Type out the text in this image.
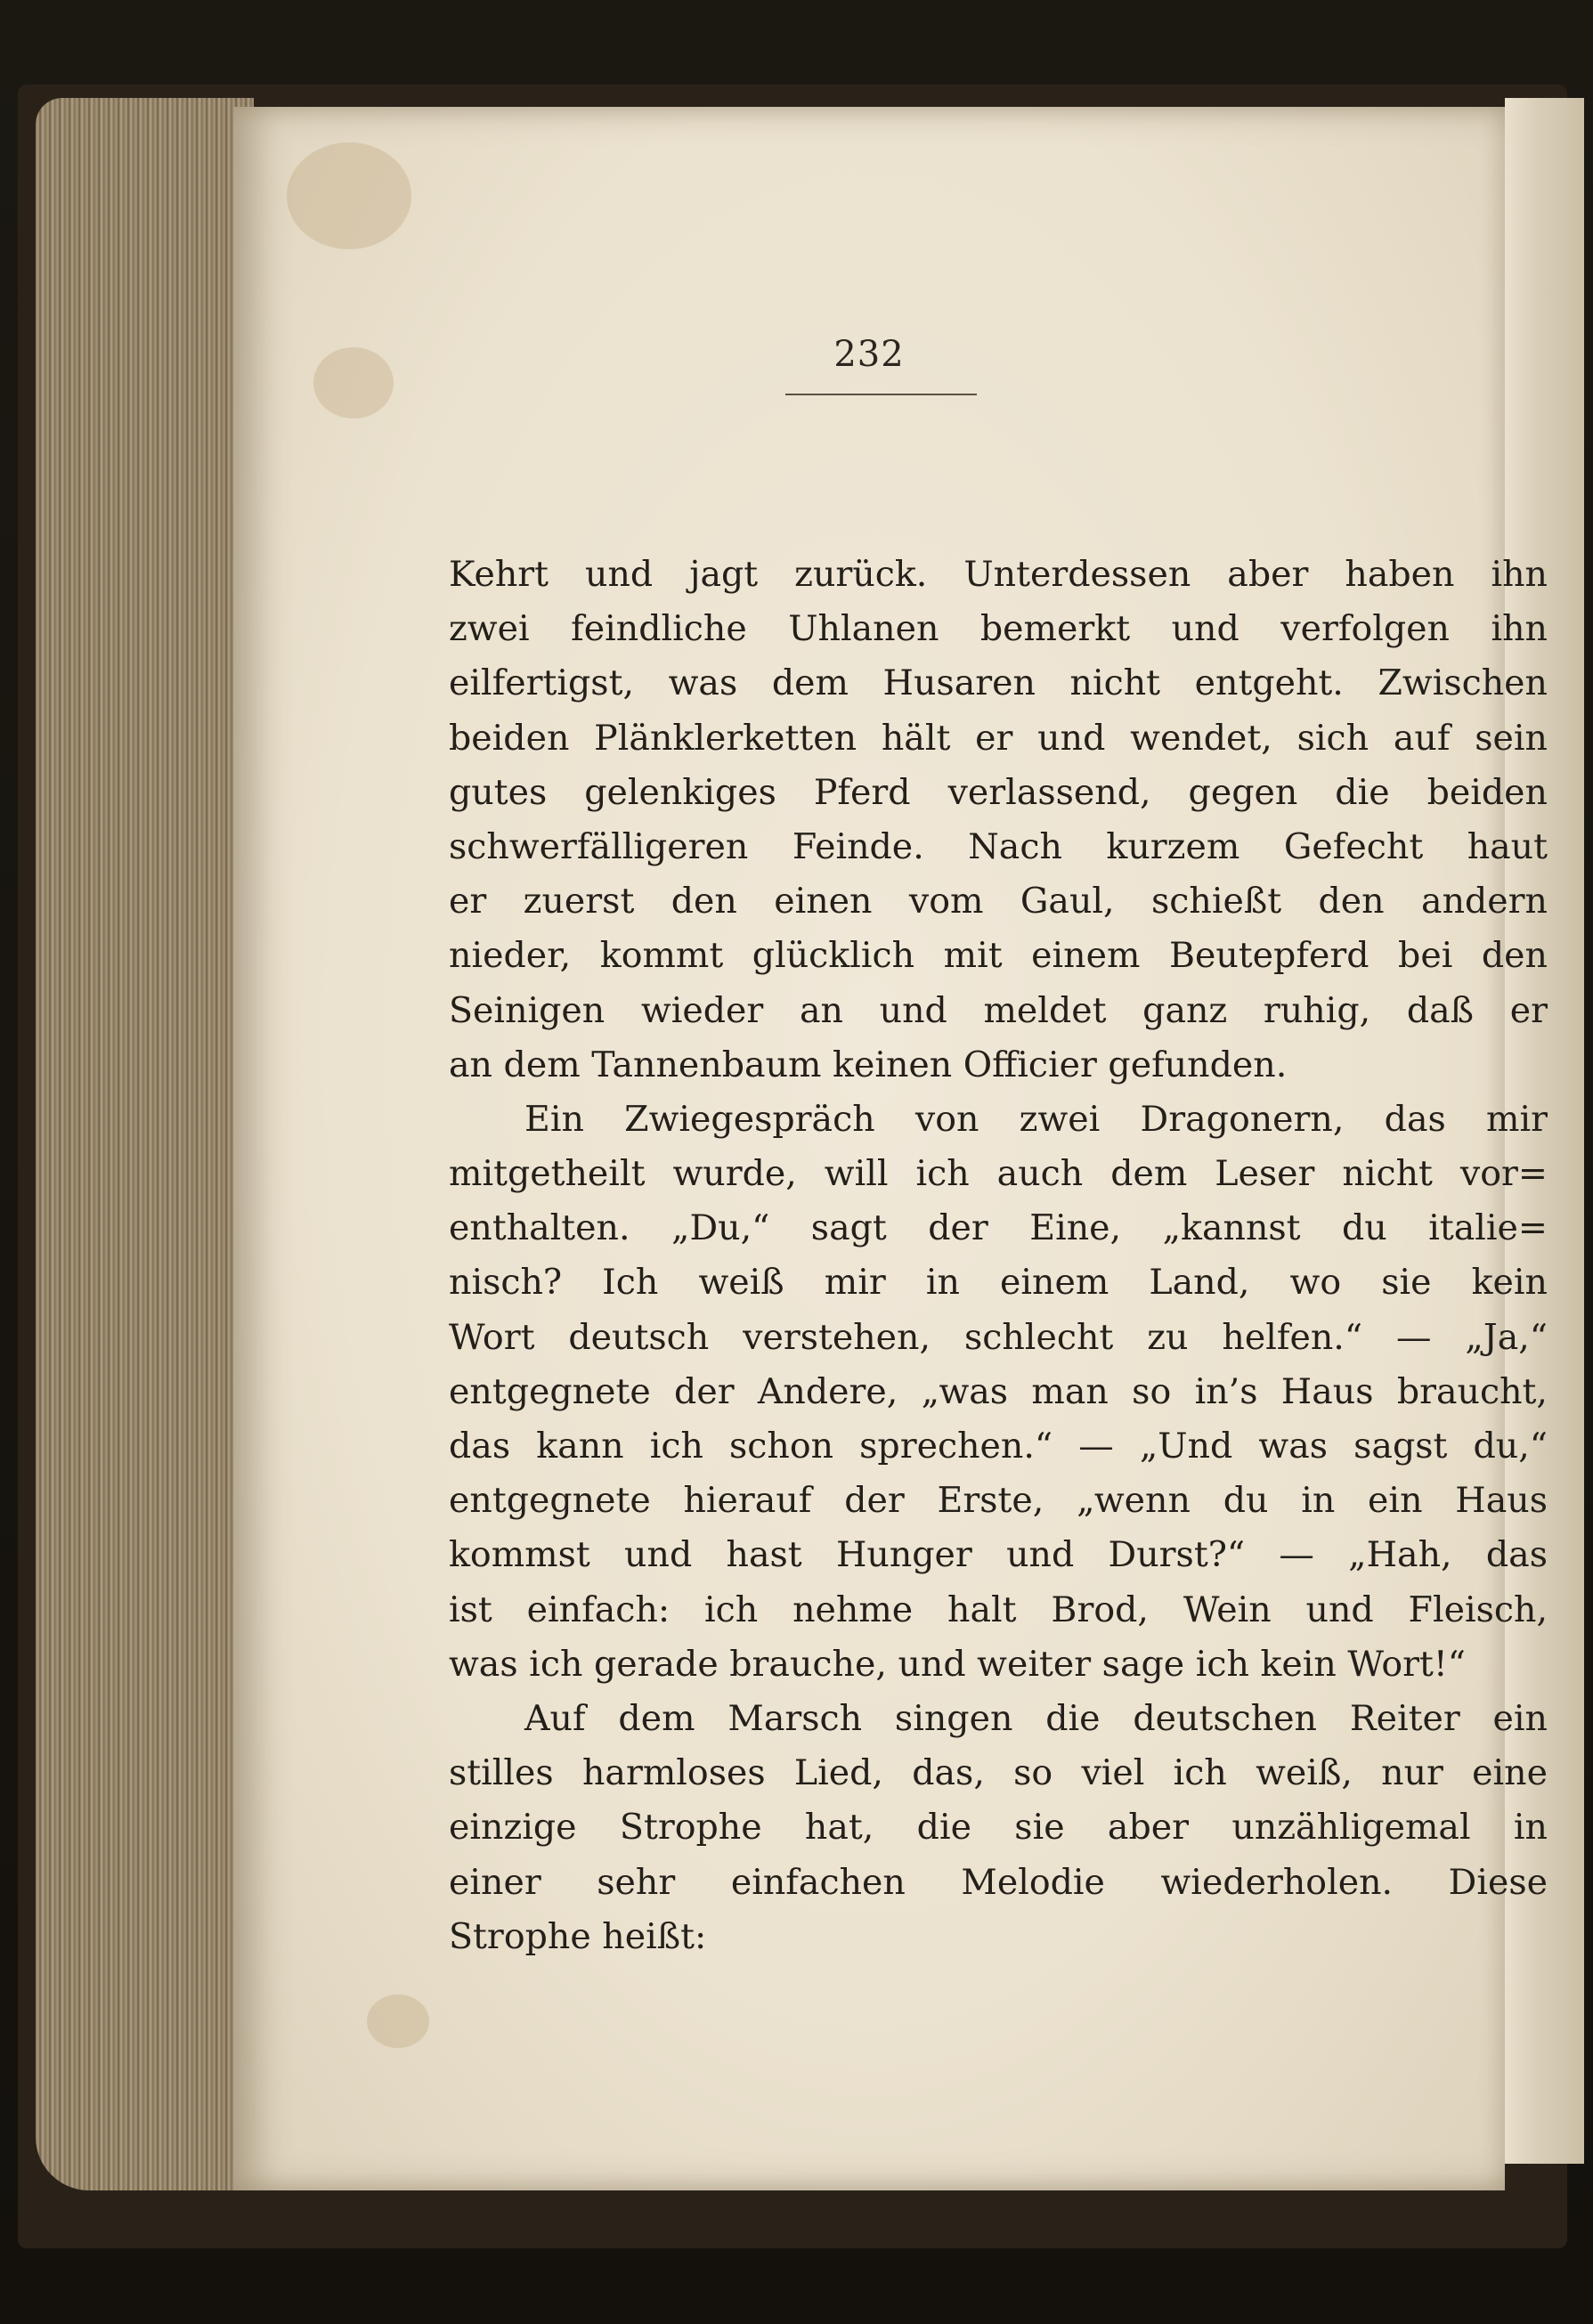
232
Kehrt und jagt zurück. Unterdessen aber haben ihn
zwei feindliche Uhlanen bemerkt und verfolgen ihn
eilfertigst, was dem Husaren nicht entgeht. Zwischen
beiden Plänklerketten hält er und wendet, sich auf sein
gutes gelenkiges Pferd verlassend, gegen die beiden
schwerfälligeren Feinde. Nach kurzem Gefecht haut
er zuerst den einen vom Gaul, schießt den andern
nieder, kommt glücklich mit einem Beutepferd bei den
Seinigen wieder an und meldet ganz ruhig, daß er
an dem Tannenbaum keinen Officier gefunden.
Ein Zwiegespräch von zwei Dragonern, das mir
mitgetheilt wurde, will ich auch dem Leser nicht vor=
enthalten. „Du,“ sagt der Eine, „kannst du italie=
nisch? Ich weiß mir in einem Land, wo sie kein
Wort deutsch verstehen, schlecht zu helfen.“ — „Ja,“
entgegnete der Andere, „was man so in’s Haus braucht,
das kann ich schon sprechen.“ — „Und was sagst du,“
entgegnete hierauf der Erste, „wenn du in ein Haus
kommst und hast Hunger und Durst?“ — „Hah, das
ist einfach: ich nehme halt Brod, Wein und Fleisch,
was ich gerade brauche, und weiter sage ich kein Wort!“
Auf dem Marsch singen die deutschen Reiter ein
stilles harmloses Lied, das, so viel ich weiß, nur eine
einzige Strophe hat, die sie aber unzähligemal in
einer sehr einfachen Melodie wiederholen. Diese
Strophe heißt:
